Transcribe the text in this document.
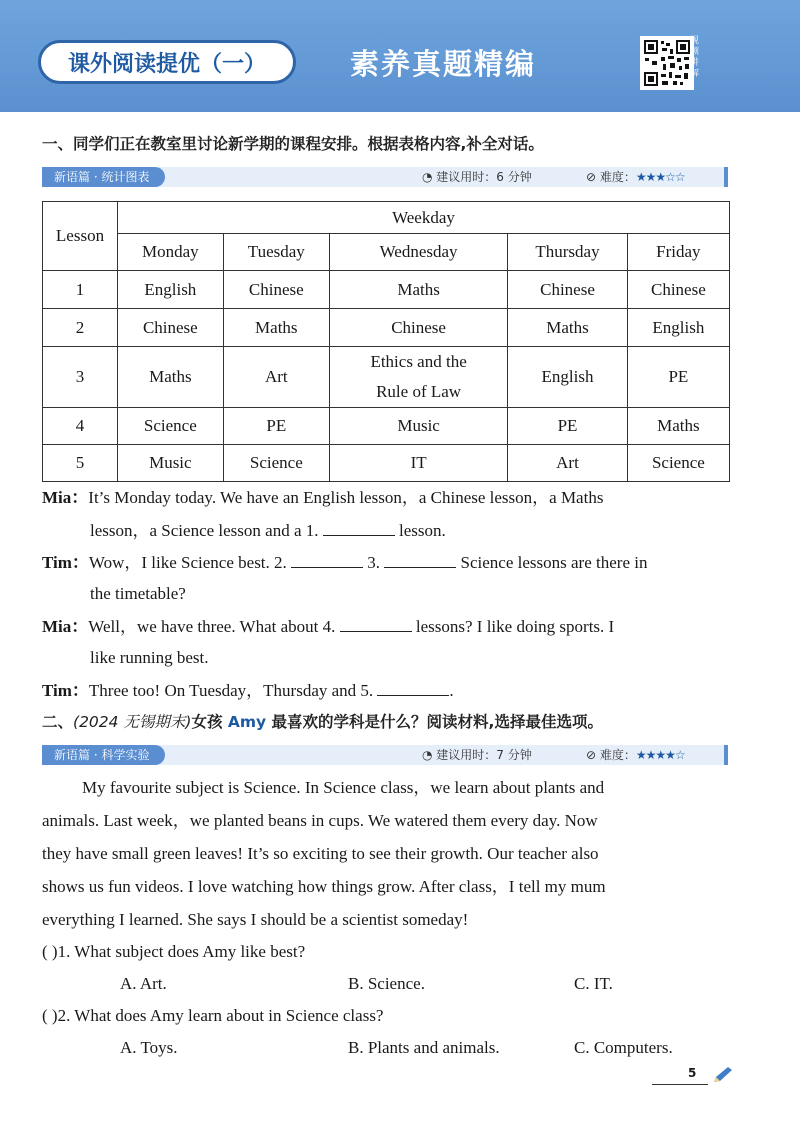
课外阅读提优（一）	素养真题精编
视频讲解
一、同学们正在教室里讨论新学期的课程安排。根据表格内容,补全对话。
新语篇 · 统计图表	◔ 建议用时：6 分钟	⊘ 难度：★★★☆☆
Lesson	Weekday				
	Monday	Tuesday	Wednesday	Thursday	Friday
1	English	Chinese	Maths	Chinese	Chinese
2	Chinese	Maths	Chinese	Maths	English
3	Maths	Art	Ethics and the
Rule of Law	English	PE
4	Science	PE	Music	PE	Maths
5	Music	Science	IT	Art	Science
Mia：It’s Monday today. We have an English lesson，a Chinese lesson，a Maths
lesson，a Science lesson and a 1.	lesson.
Tim：Wow，I like Science best. 2.	3.	Science lessons are there in
the timetable?
Mia：Well，we have three. What about 4.	lessons? I like doing sports. I
like running best.
Tim：Three too! On Tuesday，Thursday and 5.	.
二、(2024 无锡期末)女孩 Amy 最喜欢的学科是什么？阅读材料,选择最佳选项。
新语篇 · 科学实验	◔ 建议用时：7 分钟	⊘ 难度：★★★★☆
My favourite subject is Science. In Science class，we learn about plants and
animals. Last week，we planted beans in cups. We watered them every day. Now
they have small green leaves! It’s so exciting to see their growth. Our teacher also
shows us fun videos. I love watching how things grow. After class，I tell my mum
everything I learned. She says I should be a scientist someday!
( )1. What subject does Amy like best?
A. Art.	B. Science.	C. IT.
( )2. What does Amy learn about in Science class?
A. Toys.	B. Plants and animals.	C. Computers.
5
